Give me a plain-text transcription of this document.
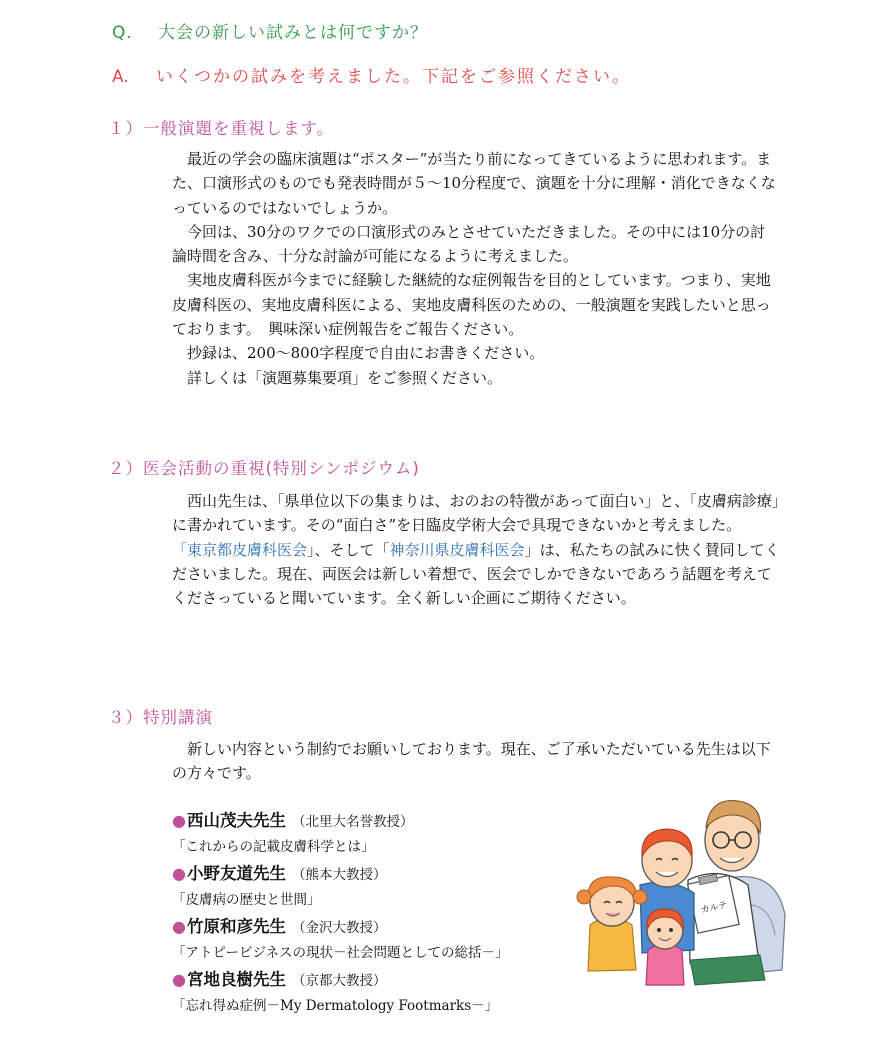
Q. 大会の新しい試みとは何ですか？
A. いくつかの試みを考えました。下記をご参照ください。
１）一般演題を重視します。

最近の学会の臨床演題は“ポスター”が当たり前になってきているように思われます。また、口演形式のものでも発表時間が５〜10分程度で、演題を十分に理解・消化できなくなっているのではないでしょうか。

今回は、30分のワクでの口演形式のみとさせていただきました。その中には10分の討論時間を含み、十分な討論が可能になるように考えました。

実地皮膚科医が今までに経験した継続的な症例報告を目的としています。つまり、実地皮膚科医の、実地皮膚科医による、実地皮膚科医のための、一般演題を実践したいと思っております。　興味深い症例報告をご報告ください。

抄録は、200〜800字程度で自由にお書きください。

詳しくは「演題募集要項」をご参照ください。

２）医会活動の重視(特別シンポジウム)

西山先生は、「県単位以下の集まりは、おのおの特徴があって面白い」と、「皮膚病診療」に書かれています。その“面白さ”を日臨皮学術大会で具現できないかと考えました。

「東京都皮膚科医会」、そして「神奈川県皮膚科医会」は、私たちの試みに快く賛同してくださいました。現在、両医会は新しい着想で、医会でしかできないであろう話題を考えてくださっていると聞いています。全く新しい企画にご期待ください。

３）特別講演

新しい内容という制約でお願いしております。現在、ご了承いただいている先生は以下の方々です。

●西山茂夫先生 （北里大名誉教授）
「これからの記載皮膚科学とは」
●小野友道先生 （熊本大教授）
「皮膚病の歴史と世間」
●竹原和彦先生 （金沢大教授）
「アトピービジネスの現状－社会問題としての総括－」
●宮地良樹先生 （京都大教授）
「忘れ得ぬ症例－My Dermatology Footmarks－」
カルテ
